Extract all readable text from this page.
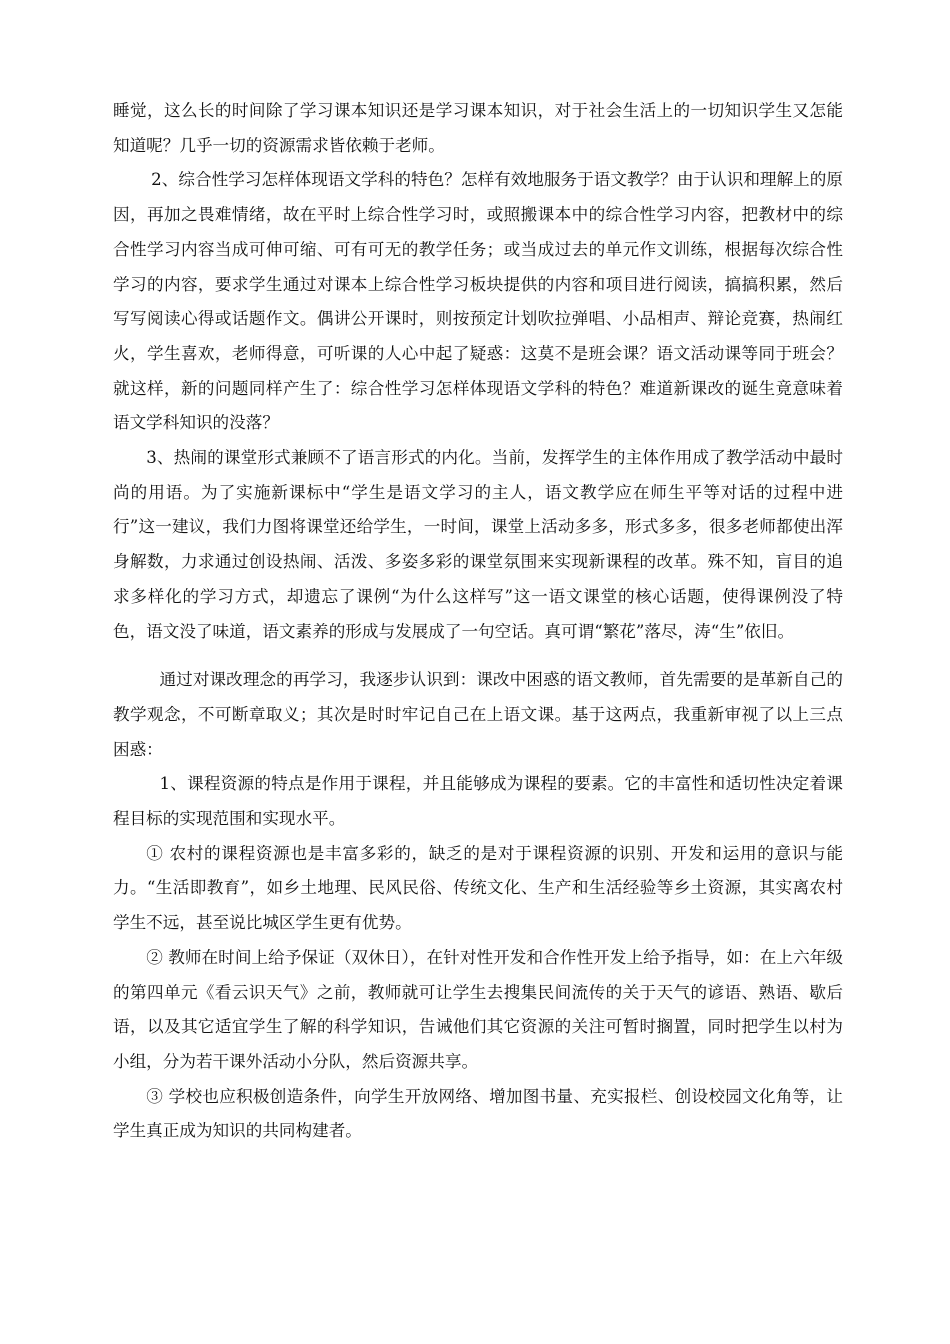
睡觉，这么长的时间除了学习课本知识还是学习课本知识，对于社会生活上的一切知识学生又怎能知道呢？几乎一切的资源需求皆依赖于老师。

2、综合性学习怎样体现语文学科的特色？怎样有效地服务于语文教学？由于认识和理解上的原因，再加之畏难情绪，故在平时上综合性学习时，或照搬课本中的综合性学习内容，把教材中的综合性学习内容当成可伸可缩、可有可无的教学任务；或当成过去的单元作文训练，根据每次综合性学习的内容，要求学生通过对课本上综合性学习板块提供的内容和项目进行阅读，搞搞积累，然后写写阅读心得或话题作文。偶讲公开课时，则按预定计划吹拉弹唱、小品相声、辩论竞赛，热闹红火，学生喜欢，老师得意，可听课的人心中起了疑惑：这莫不是班会课？语文活动课等同于班会？就这样，新的问题同样产生了：综合性学习怎样体现语文学科的特色？难道新课改的诞生竟意味着语文学科知识的没落？

3、热闹的课堂形式兼顾不了语言形式的内化。当前，发挥学生的主体作用成了教学活动中最时尚的用语。为了实施新课标中“学生是语文学习的主人，语文教学应在师生平等对话的过程中进行”这一建议，我们力图将课堂还给学生，一时间，课堂上活动多多，形式多多，很多老师都使出浑身解数，力求通过创设热闹、活泼、多姿多彩的课堂氛围来实现新课程的改革。殊不知，盲目的追求多样化的学习方式，却遗忘了课例“为什么这样写”这一语文课堂的核心话题，使得课例没了特色，语文没了味道，语文素养的形成与发展成了一句空话。真可谓“繁花”落尽，涛“生”依旧。

通过对课改理念的再学习，我逐步认识到：课改中困惑的语文教师，首先需要的是革新自己的教学观念，不可断章取义；其次是时时牢记自己在上语文课。基于这两点，我重新审视了以上三点困惑：

1、课程资源的特点是作用于课程，并且能够成为课程的要素。它的丰富性和适切性决定着课程目标的实现范围和实现水平。

① 农村的课程资源也是丰富多彩的，缺乏的是对于课程资源的识别、开发和运用的意识与能力。“生活即教育”，如乡土地理、民风民俗、传统文化、生产和生活经验等乡土资源，其实离农村学生不远，甚至说比城区学生更有优势。

② 教师在时间上给予保证（双休日），在针对性开发和合作性开发上给予指导，如：在上六年级的第四单元《看云识天气》之前，教师就可让学生去搜集民间流传的关于天气的谚语、熟语、歇后语，以及其它适宜学生了解的科学知识，告诫他们其它资源的关注可暂时搁置，同时把学生以村为小组，分为若干课外活动小分队，然后资源共享。

③ 学校也应积极创造条件，向学生开放网络、增加图书量、充实报栏、创设校园文化角等，让学生真正成为知识的共同构建者。
